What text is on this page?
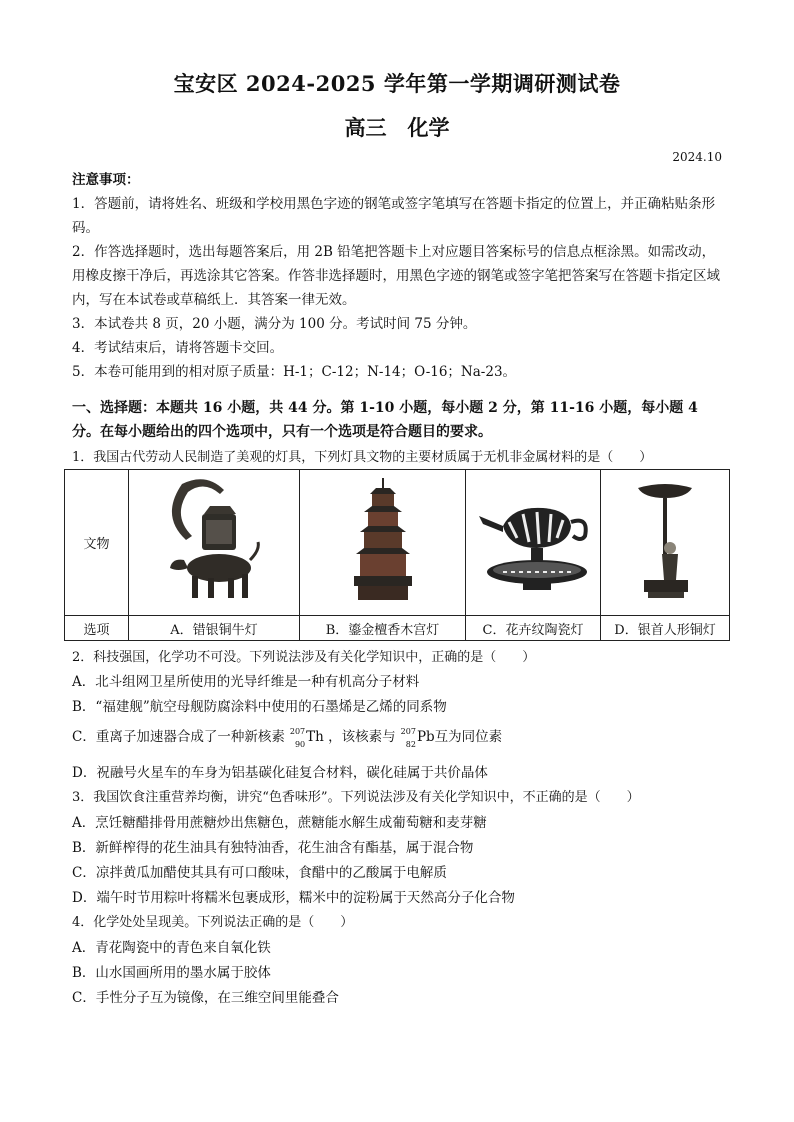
宝安区 2024-2025 学年第一学期调研测试卷
高三　化学
2024.10
注意事项：
1．答题前，请将姓名、班级和学校用黑色字迹的钢笔或签字笔填写在答题卡指定的位置上，并正确粘贴条形码。
2．作答选择题时，选出每题答案后，用 2B 铅笔把答题卡上对应题目答案标号的信息点框涂黑。如需改动，用橡皮擦干净后，再选涂其它答案。作答非选择题时，用黑色字迹的钢笔或签字笔把答案写在答题卡指定区域内，写在本试卷或草稿纸上．其答案一律无效。
3．本试卷共 8 页，20 小题，满分为 100 分。考试时间 75 分钟。
4．考试结束后，请将答题卡交回。
5．本卷可能用到的相对原子质量：H-1；C-12；N-14；O-16；Na-23。
一、选择题：本题共 16 小题，共 44 分。第 1-10 小题，每小题 2 分，第 11-16 小题，每小题 4 分。在每小题给出的四个选项中，只有一个选项是符合题目的要求。
1．我国古代劳动人民制造了美观的灯具，下列灯具文物的主要材质属于无机非金属材料的是（　　）
文物				
选项	A．错银铜牛灯	B．鎏金檀香木宫灯	C．花卉纹陶瓷灯	D．银首人形铜灯
2．科技强国，化学功不可没。下列说法涉及有关化学知识中，正确的是（　　）
A．北斗组网卫星所使用的光导纤维是一种有机高分子材料
B．“福建舰”航空母舰防腐涂料中使用的石墨烯是乙烯的同系物
C．重离子加速器合成了一种新核素 207
90 Th ，该核素与 207
82 Pb互为同位素
D．祝融号火星车的车身为铝基碳化硅复合材料，碳化硅属于共价晶体
3．我国饮食注重营养均衡，讲究“色香味形”。下列说法涉及有关化学知识中，不正确的是（　　）
A．烹饪糖醋排骨用蔗糖炒出焦糖色，蔗糖能水解生成葡萄糖和麦芽糖
B．新鲜榨得的花生油具有独特油香，花生油含有酯基，属于混合物
C．凉拌黄瓜加醋使其具有可口酸味，食醋中的乙酸属于电解质
D．端午时节用粽叶将糯米包裹成形，糯米中的淀粉属于天然高分子化合物
4．化学处处呈现美。下列说法正确的是（　　）
A．青花陶瓷中的青色来自氧化铁
B．山水国画所用的墨水属于胶体
C．手性分子互为镜像，在三维空间里能叠合
